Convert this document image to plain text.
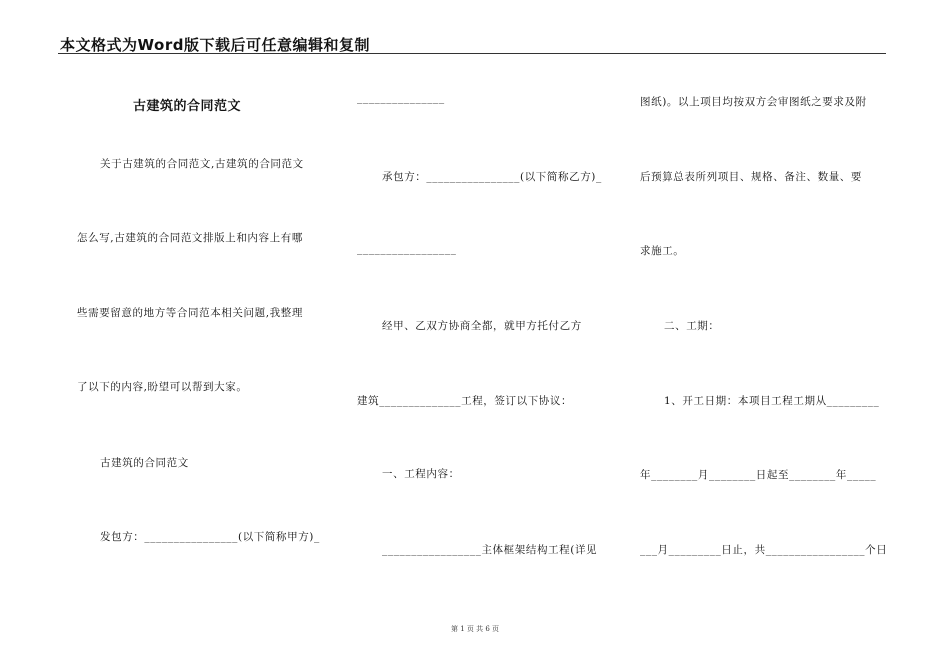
本文格式为Word版下载后可任意编辑和复制
古建筑的合同范文
关于古建筑的合同范文,古建筑的合同范文
怎么写,古建筑的合同范文排版上和内容上有哪
些需要留意的地方等合同范本相关问题,我整理
了以下的内容,盼望可以帮到大家。
古建筑的合同范文
发包方：________________(以下简称甲方)_
_______________
承包方：________________(以下简称乙方)_
_________________
经甲、乙双方协商全都，就甲方托付乙方
建筑______________工程，签订以下协议：
一、工程内容：
_________________主体框架结构工程(详见
图纸)。以上项目均按双方会审图纸之要求及附
后预算总表所列项目、规格、备注、数量、要
求施工。
二、工期：
1、开工日期：本项目工程工期从_________
年________月________日起至________年_____
___月_________日止，共_________________个日
第 1 页 共 6 页
